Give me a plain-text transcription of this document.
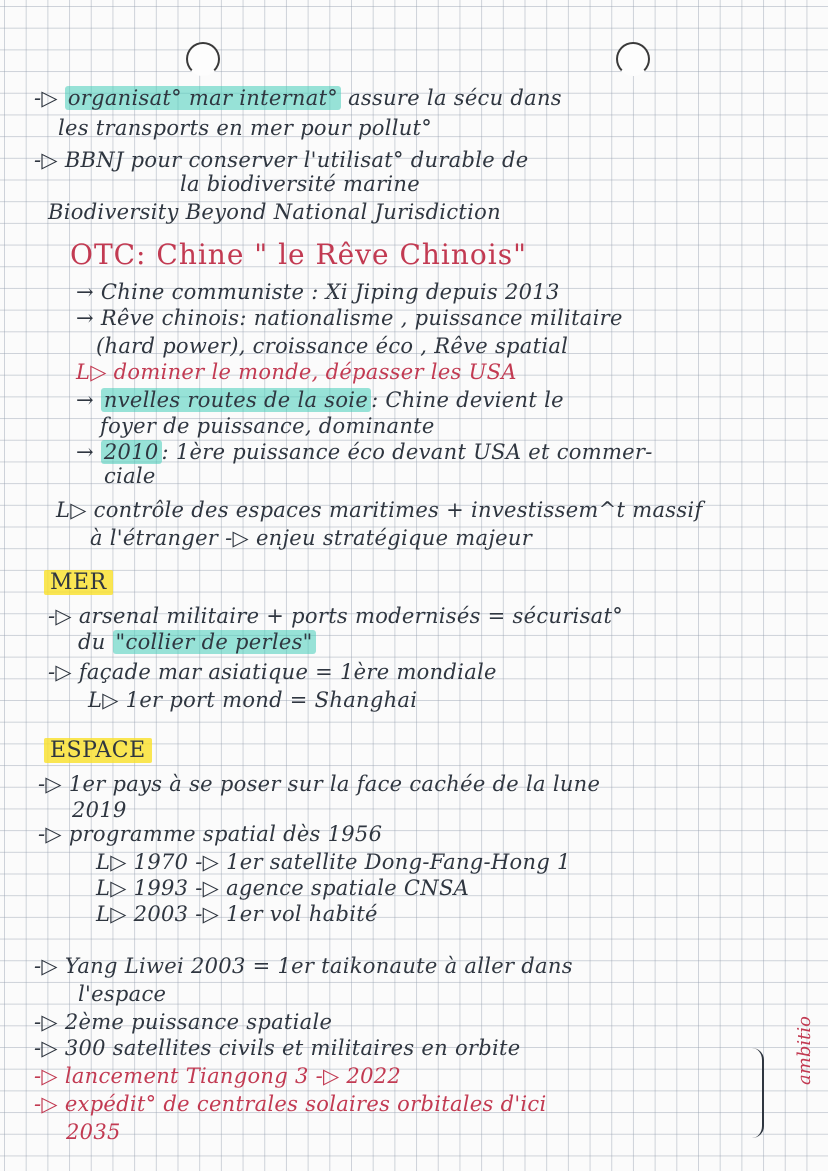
-▷ organisat° mar internat° assure la sécu dans
les transports en mer pour pollut°
-▷ BBNJ pour conserver l'utilisat° durable de
la biodiversité marine
Biodiversity Beyond National Jurisdiction
OTC: Chine " le Rêve Chinois"
→ Chine communiste : Xi Jiping depuis 2013
→ Rêve chinois: nationalisme , puissance militaire
(hard power), croissance éco , Rêve spatial
L▷ dominer le monde, dépasser les USA
→ nvelles routes de la soie : Chine devient le
foyer de puissance, dominante
→ 2010 : 1ère puissance éco devant USA et commer-
ciale
L▷ contrôle des espaces maritimes + investissem^t massif
à l'étranger -▷ enjeu stratégique majeur
MER
-▷ arsenal militaire + ports modernisés = sécurisat°
du "collier de perles"
-▷ façade mar asiatique = 1ère mondiale
L▷ 1er port mond = Shanghai
ESPACE
-▷ 1er pays à se poser sur la face cachée de la lune
2019
-▷ programme spatial dès 1956
L▷ 1970 -▷ 1er satellite Dong-Fang-Hong 1
L▷ 1993 -▷ agence spatiale CNSA
L▷ 2003 -▷ 1er vol habité
-▷ Yang Liwei 2003 = 1er taikonaute à aller dans
l'espace
-▷ 2ème puissance spatiale
-▷ 300 satellites civils et militaires en orbite
-▷ lancement Tiangong 3 -▷ 2022
-▷ expédit° de centrales solaires orbitales d'ici
2035
ambitio
